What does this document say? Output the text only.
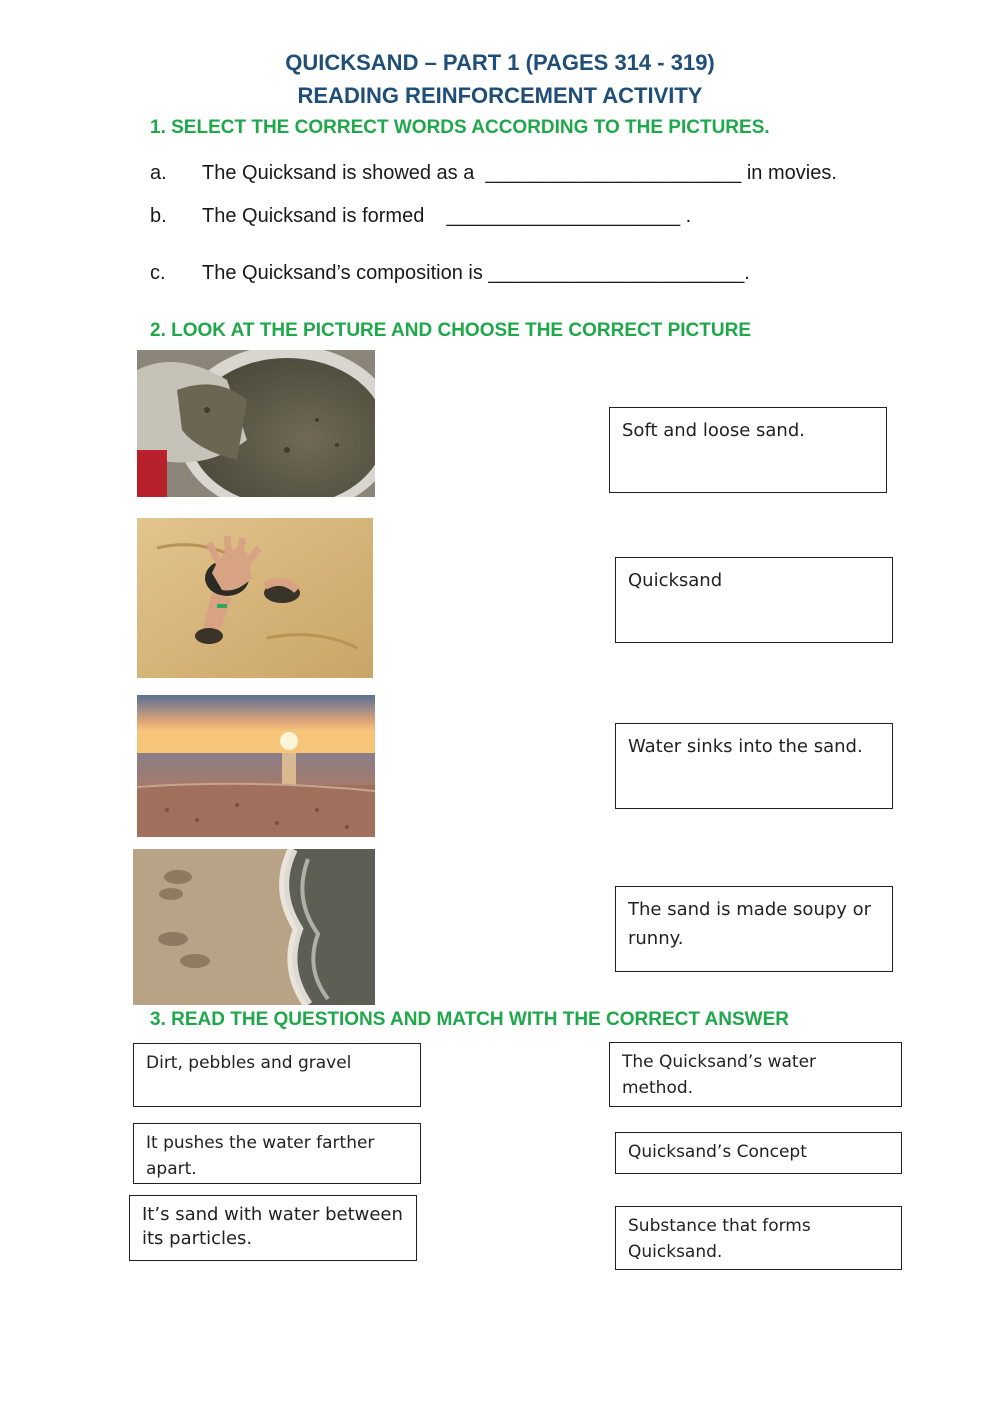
QUICKSAND – PART 1 (PAGES 314 - 319)
READING REINFORCEMENT ACTIVITY
1. SELECT THE CORRECT WORDS ACCORDING TO THE PICTURES.
a. The Quicksand is showed as a  _______________________ in movies.
b. The Quicksand is formed    _____________________ .
c. The Quicksand’s composition is _______________________.
2. LOOK AT THE PICTURE AND CHOOSE THE CORRECT PICTURE
Soft and loose sand.
Quicksand
Water sinks into the sand.
The sand is made soupy or runny.
3. READ THE QUESTIONS AND MATCH WITH THE CORRECT ANSWER
Dirt, pebbles and gravel
It pushes the water farther apart.
It’s sand with water between its particles.
The Quicksand’s water method.
Quicksand’s Concept
Substance that forms Quicksand.
